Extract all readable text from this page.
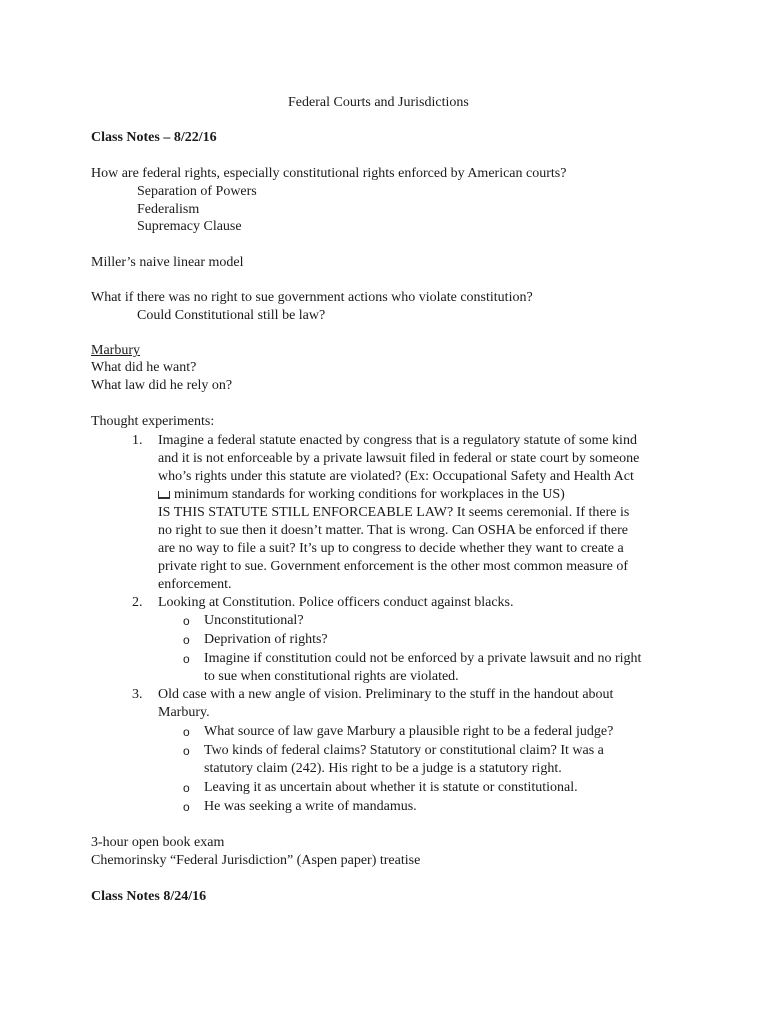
Federal Courts and Jurisdictions
Class Notes – 8/22/16
How are federal rights, especially constitutional rights enforced by American courts?
Separation of Powers
Federalism
Supremacy Clause
Miller’s naive linear model
What if there was no right to sue government actions who violate constitution?
Could Constitutional still be law?
Marbury
What did he want?
What law did he rely on?
Thought experiments:
1. Imagine a federal statute enacted by congress that is a regulatory statute of some kind
and it is not enforceable by a private lawsuit filed in federal or state court by someone
who’s rights under this statute are violated? (Ex: Occupational Safety and Health Act
minimum standards for working conditions for workplaces in the US)
IS THIS STATUTE STILL ENFORCEABLE LAW? It seems ceremonial. If there is
no right to sue then it doesn’t matter. That is wrong. Can OSHA be enforced if there
are no way to file a suit? It’s up to congress to decide whether they want to create a
private right to sue. Government enforcement is the other most common measure of
enforcement.
2. Looking at Constitution. Police officers conduct against blacks.
o Unconstitutional?
o Deprivation of rights?
o Imagine if constitution could not be enforced by a private lawsuit and no right
to sue when constitutional rights are violated.
3. Old case with a new angle of vision. Preliminary to the stuff in the handout about
Marbury.
o What source of law gave Marbury a plausible right to be a federal judge?
o Two kinds of federal claims? Statutory or constitutional claim? It was a
statutory claim (242). His right to be a judge is a statutory right.
o Leaving it as uncertain about whether it is statute or constitutional.
o He was seeking a write of mandamus.
3-hour open book exam
Chemorinsky “Federal Jurisdiction” (Aspen paper) treatise
Class Notes 8/24/16
